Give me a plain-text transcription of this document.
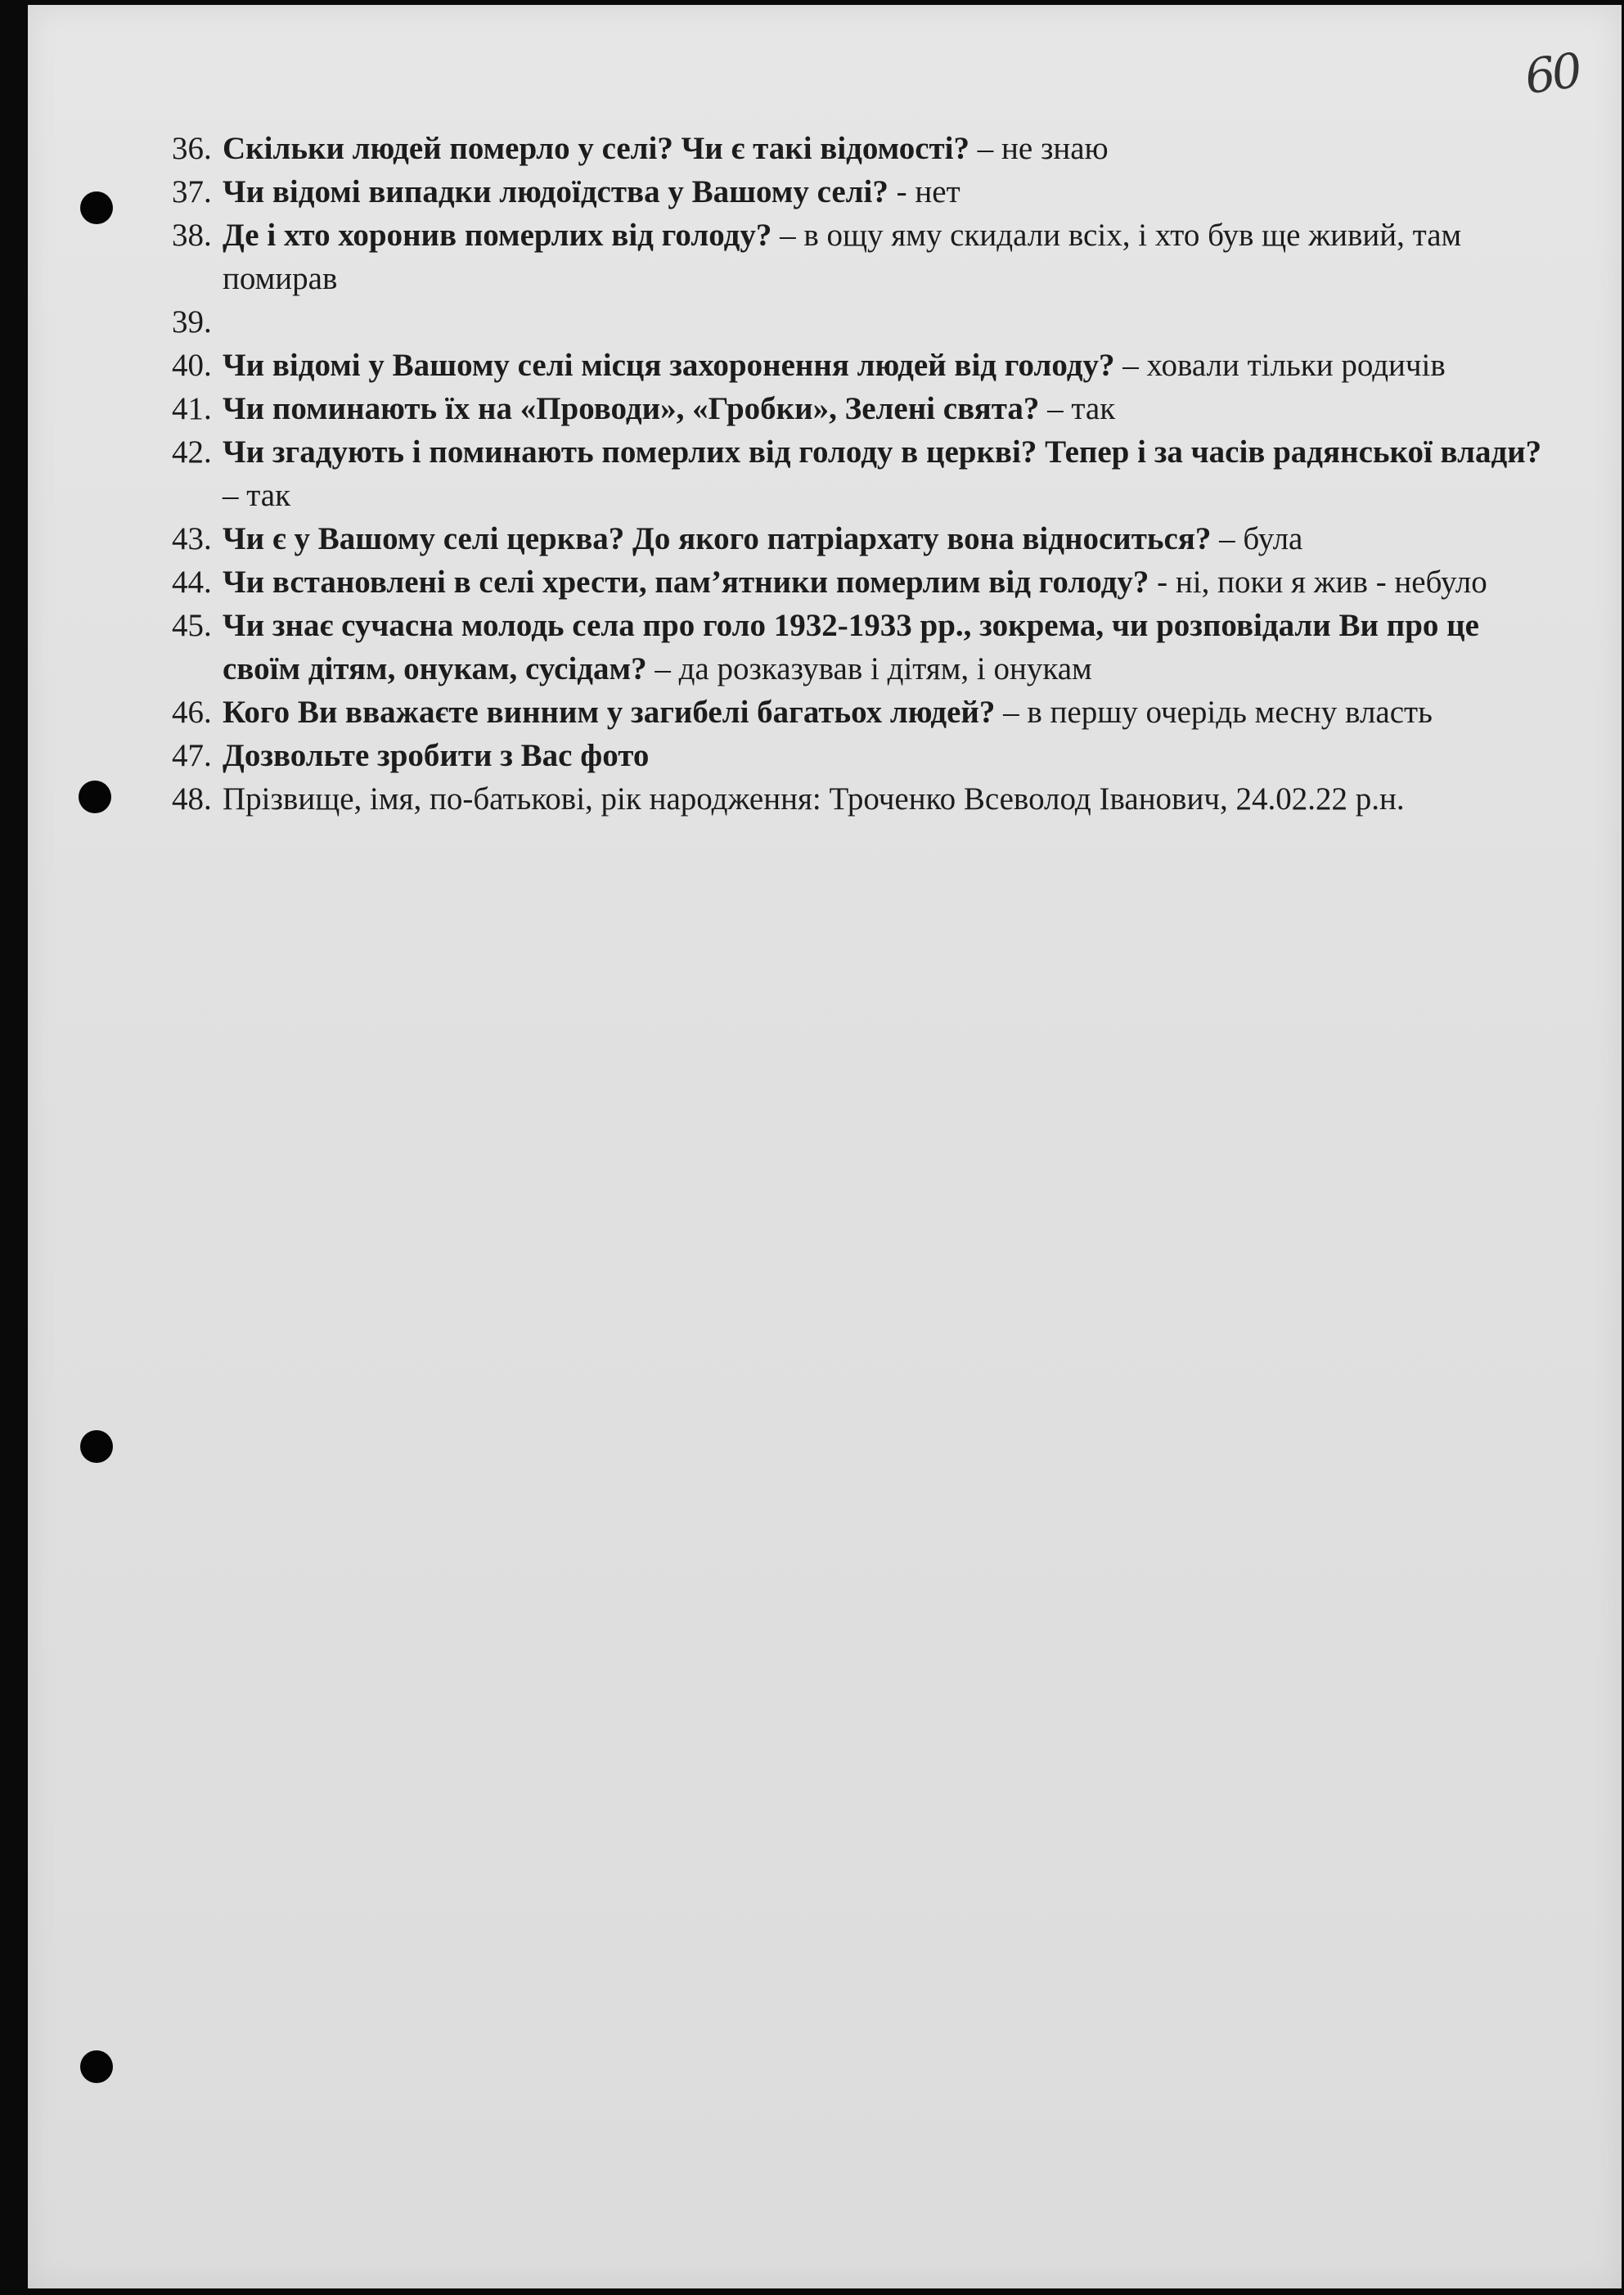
60
36. Скільки людей померло у селі? Чи є такі відомості? – не знаю
37. Чи відомі випадки людоїдства у Вашому селі? - нет
38. Де і хто хоронив померлих від голоду? – в ощу яму скидали всіх, і хто був ще живий, там помирав
39.
40. Чи відомі у Вашому селі місця захоронення людей від голоду? – ховали тільки родичів
41. Чи поминають їх на «Проводи», «Гробки», Зелені свята? – так
42. Чи згадують і поминають померлих від голоду в церкві? Тепер і за часів радянської влади? – так
43. Чи є у Вашому селі церква? До якого патріархату вона відноситься? – була
44. Чи встановлені в селі хрести, пам’ятники померлим від голоду? - ні, поки я жив - небуло
45. Чи знає сучасна молодь села про голо 1932-1933 рр., зокрема, чи розповідали Ви про це своїм дітям, онукам, сусідам? – да розказував і дітям, і онукам
46. Кого Ви вважаєте винним у загибелі багатьох людей? – в першу очерідь месну власть
47. Дозвольте зробити з Вас фото
48. Прізвище, імя, по-батькові, рік народження: Троченко Всеволод Іванович, 24.02.22 р.н.
